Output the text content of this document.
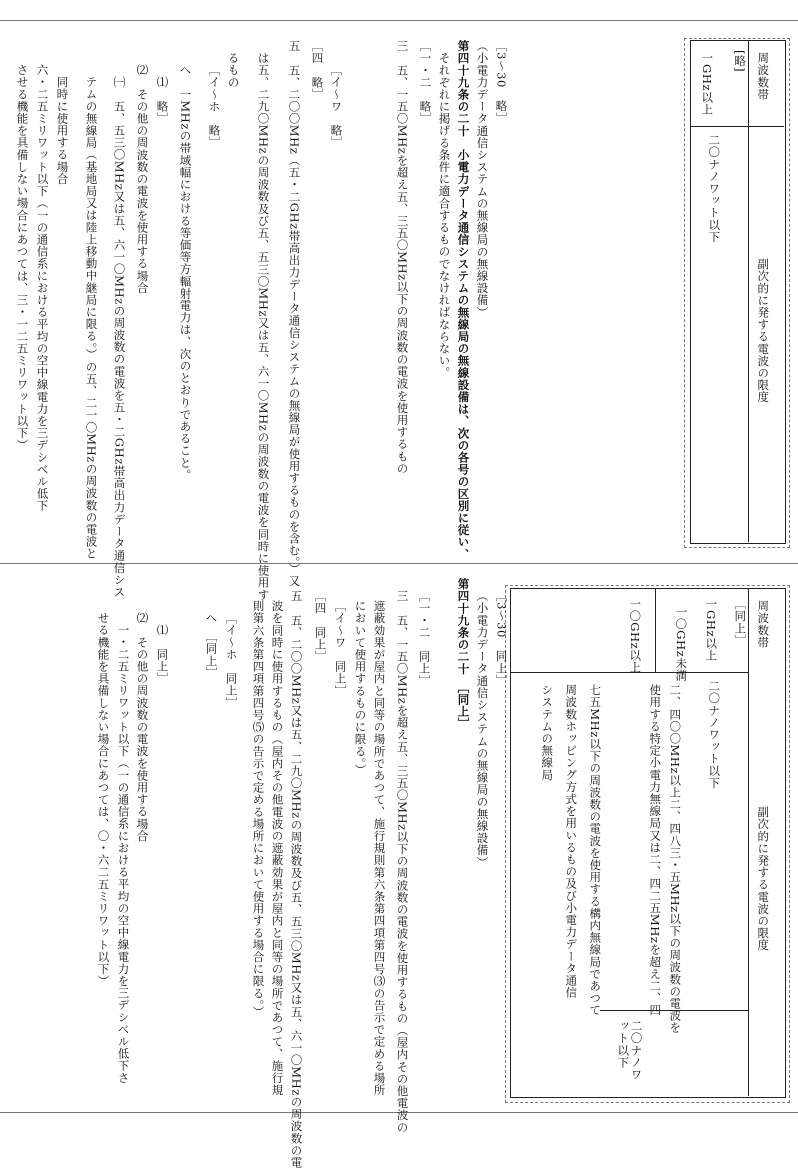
周波数帯
副次的に発する電波の限度
[略]
一GHz以上
二〇ナノワット以下
［3～30　略］
（小電力データ通信システムの無線局の無線設備）
第四十九条の二十　小電力データ通信システムの無線局の無線設備は、次の各号の区別に従い、
それぞれに掲げる条件に適合するものでなければならない。
［一・二　略］
三　五、一五〇MHzを超え五、三五〇MHz以下の周波数の電波を使用するもの
［イ～ワ　略］
［四　略］
五　五、二〇〇MHz（五・二GHz帯高出力データ通信システムの無線局が使用するものを含む。）又
は五、二九〇MHzの周波数及び五、五三〇MHz又は五、六一〇MHzの周波数の電波を同時に使用す
るもの
［イ～ホ　略］
へ　一MHzの帯域幅における等価等方輻射電力は、次のとおりであること。
⑴　略］
⑵　その他の周波数の電波を使用する場合
㈠　五、五三〇MHz又は五、六一〇MHzの周波数の電波を五・二GHz帯高出力データ通信シス
テムの無線局（基地局又は陸上移動中継局に限る。）の五、二一〇MHzの周波数の電波と
同時に使用する場合
六・二五ミリワット以下（一の通信系における平均の空中線電力を三デシベル低下
させる機能を具備しない場合にあつては、三・一二五ミリワット以下）
周波数帯
副次的に発する電波の限度
［同上］
一GHz以上
一〇GHz未満
一〇GHz以上
二〇ナノワット以下
二、四〇〇MHz以上二、四八三・五MHz以下の周波数の電波を
使用する特定小電力無線局又は二、四二五MHzを超え二、四
七五MHz以下の周波数の電波を使用する構内無線局であつて
周波数ホッピング方式を用いるもの及び小電力データ通信
システムの無線局
二〇ナノワット以下
［3～30　同上］
（小電力データ通信システムの無線局の無線設備）
第四十九条の二十　［同上］
［一・二　同上］
三　五、一五〇MHzを超え五、三五〇MHz以下の周波数の電波を使用するもの（屋内その他電波の
遮蔽効果が屋内と同等の場所であつて、施行規則第六条第四項第四号⑶の告示で定める場所
において使用するものに限る。）
［イ～ワ　同上］
［四　同上］
五　五、二〇〇MHz又は五、二九〇MHzの周波数及び五、五三〇MHz又は五、六一〇MHzの周波数の電
波を同時に使用するもの（屋内その他電波の遮蔽効果が屋内と同等の場所であつて、施行規
則第六条第四項第四号⑸の告示で定める場所において使用する場合に限る。）
［イ～ホ　同上］
へ　［同上］
⑴　同上］
⑵　その他の周波数の電波を使用する場合
一・二五ミリワット以下（一の通信系における平均の空中線電力を三デシベル低下さ
せる機能を具備しない場合にあつては、〇・六二五ミリワット以下）
